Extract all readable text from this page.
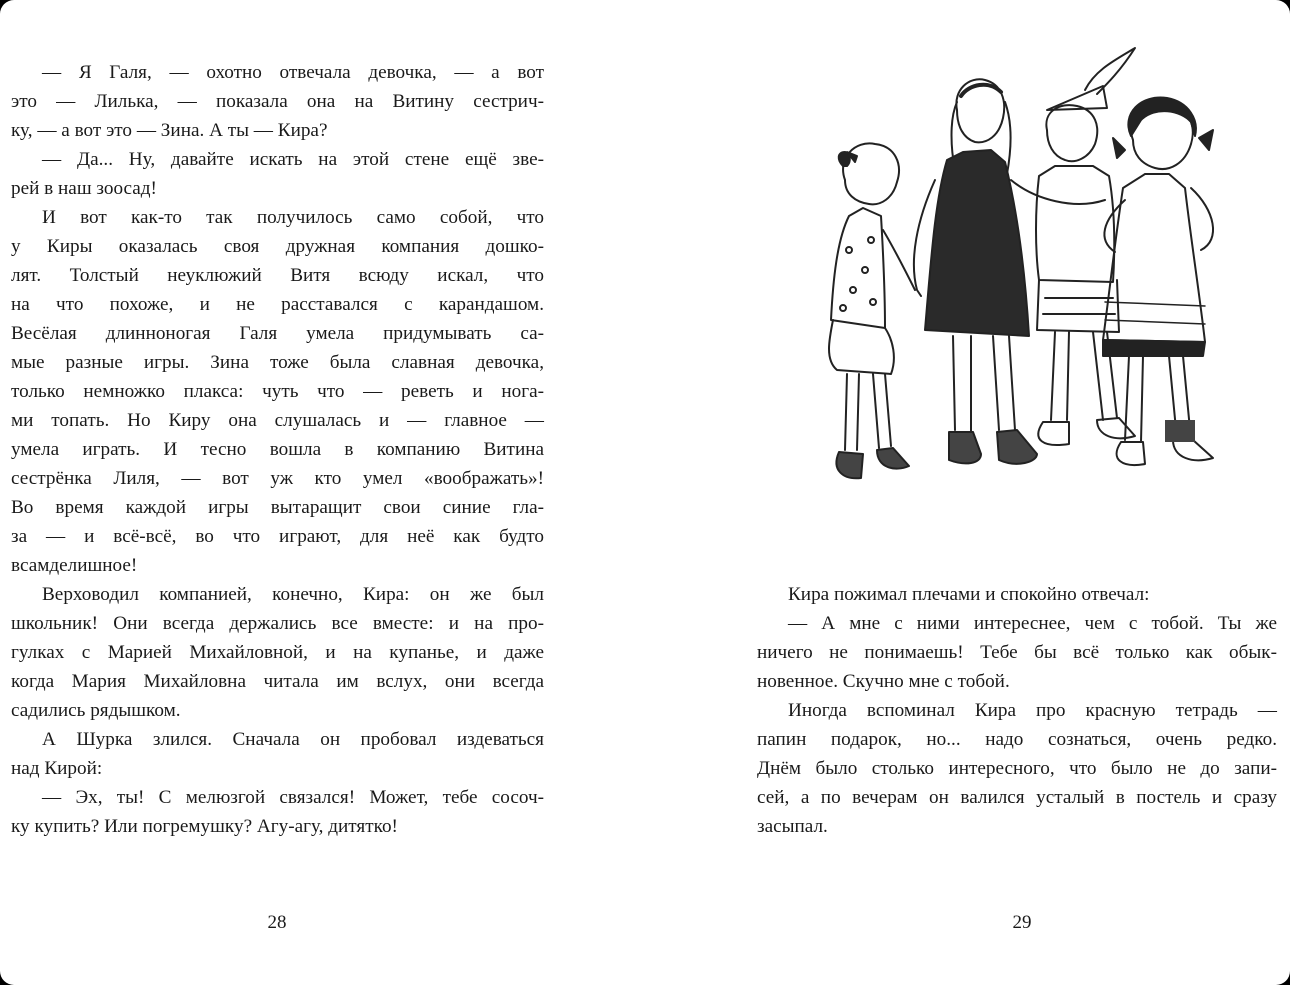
— Я Галя, — охотно отвечала девочка, — а вот
это — Лилька, — показала она на Витину сестрич-
ку, — а вот это — Зина. А ты — Кира?
— Да... Ну, давайте искать на этой стене ещё зве-
рей в наш зоосад!
И вот как-то так получилось само собой, что
у Киры оказалась своя дружная компания дошко-
лят. Толстый неуклюжий Витя всюду искал, что
на что похоже, и не расставался с карандашом.
Весёлая длинноногая Галя умела придумывать са-
мые разные игры. Зина тоже была славная девочка,
только немножко плакса: чуть что — реветь и нога-
ми топать. Но Киру она слушалась и — главное —
умела играть. И тесно вошла в компанию Витина
сестрёнка Лиля, — вот уж кто умел «воображать»!
Во время каждой игры вытаращит свои синие гла-
за — и всё-всё, во что играют, для неё как будто
всамделишное!
Верховодил компанией, конечно, Кира: он же был
школьник! Они всегда держались все вместе: и на про-
гулках с Марией Михайловной, и на купанье, и даже
когда Мария Михайловна читала им вслух, они всегда
садились рядышком.
А Шурка злился. Сначала он пробовал издеваться
над Кирой:
— Эх, ты! С мелюзгой связался! Может, тебе сосоч-
ку купить? Или погремушку? Агу-агу, дитятко!
28
Кира пожимал плечами и спокойно отвечал:
— А мне с ними интереснее, чем с тобой. Ты же
ничего не понимаешь! Тебе бы всё только как обык-
новенное. Скучно мне с тобой.
Иногда вспоминал Кира про красную тетрадь —
папин подарок, но... надо сознаться, очень редко.
Днём было столько интересного, что было не до запи-
сей, а по вечерам он валился усталый в постель и сразу
засыпал.
29
